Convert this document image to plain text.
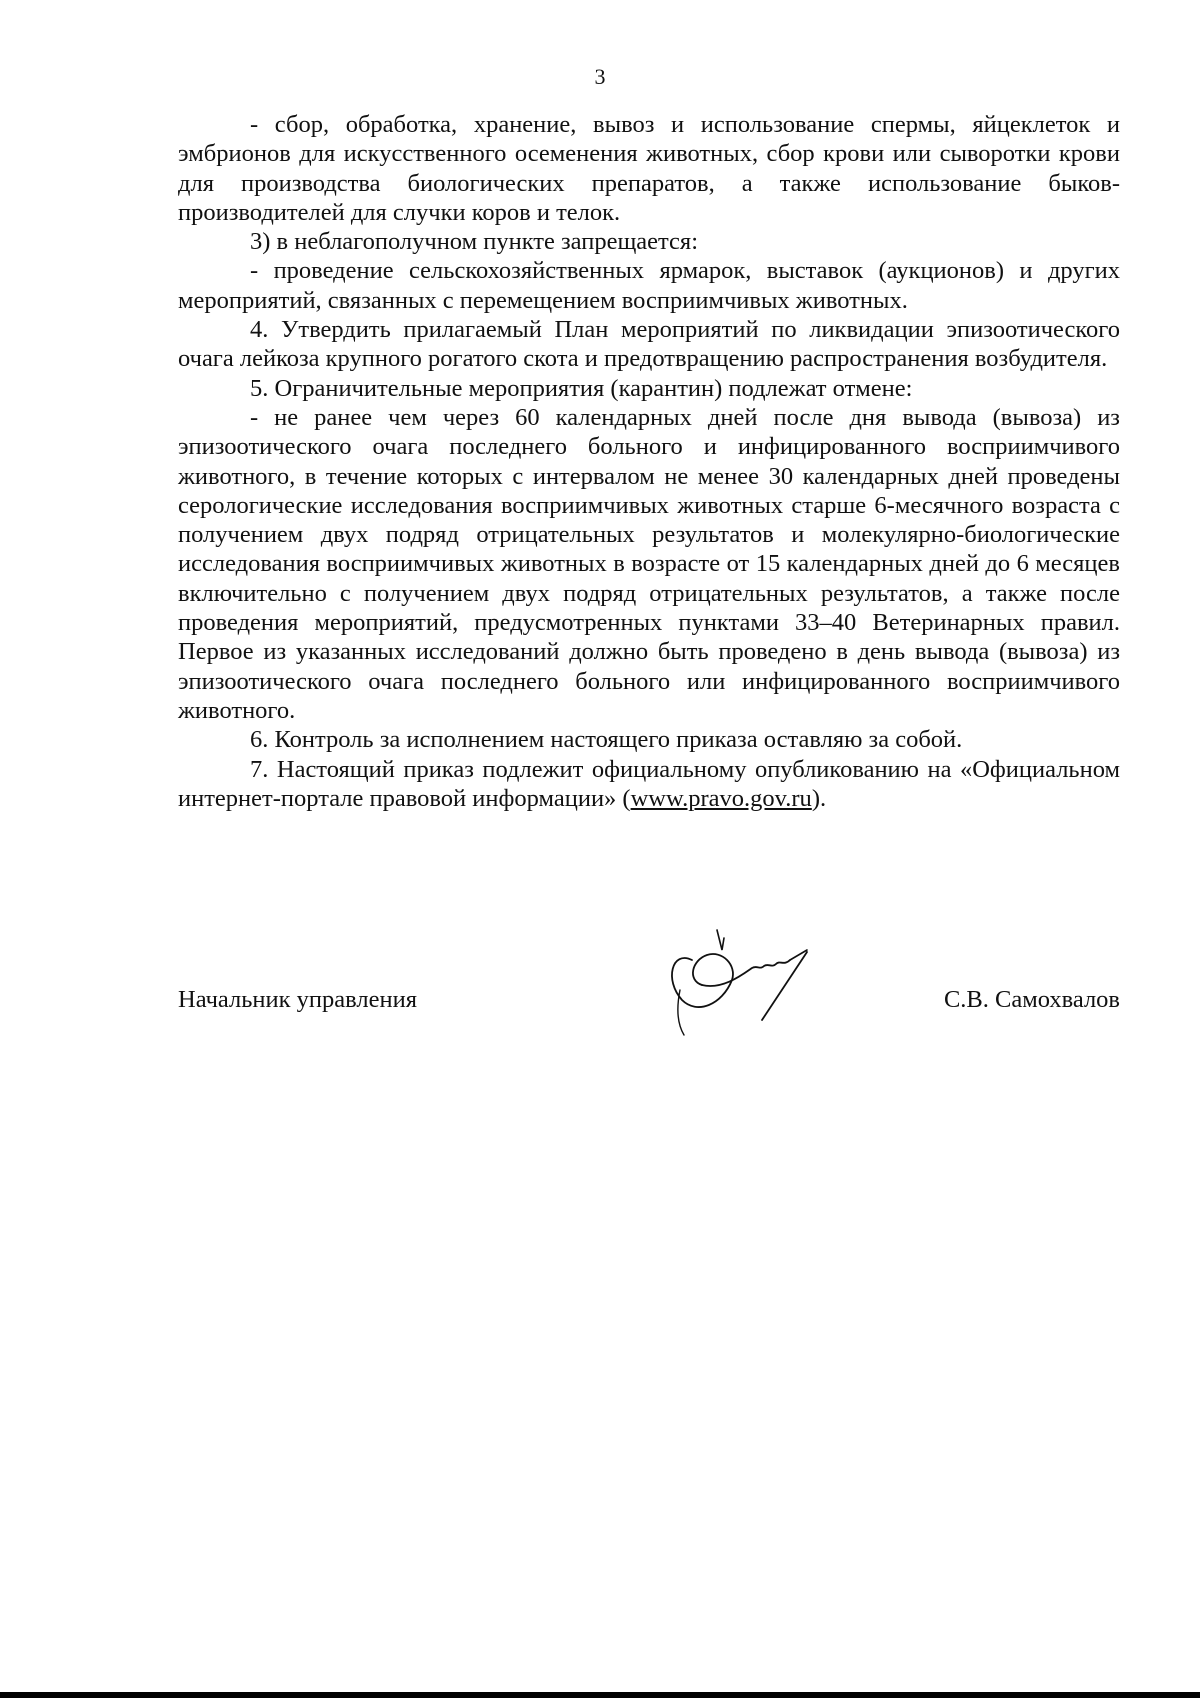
3

- сбор, обработка, хранение, вывоз и использование спермы, яйцеклеток и эмбрионов для искусственного осеменения животных, сбор крови или сыворотки крови для производства биологических препаратов, а также использование быков-производителей для случки коров и телок.

3) в неблагополучном пункте запрещается:

- проведение сельскохозяйственных ярмарок, выставок (аукционов) и других мероприятий, связанных с перемещением восприимчивых животных.

4. Утвердить прилагаемый План мероприятий по ликвидации эпизоотического очага лейкоза крупного рогатого скота и предотвращению распространения возбудителя.

5. Ограничительные мероприятия (карантин) подлежат отмене:

- не ранее чем через 60 календарных дней после дня вывода (вывоза) из эпизоотического очага последнего больного и инфицированного восприимчивого животного, в течение которых с интервалом не менее 30 календарных дней проведены серологические исследования восприимчивых животных старше 6-месячного возраста с получением двух подряд отрицательных результатов и молекулярно-биологические исследования восприимчивых животных в возрасте от 15 календарных дней до 6 месяцев включительно с получением двух подряд отрицательных результатов, а также после проведения мероприятий, предусмотренных пунктами 33–40 Ветеринарных правил. Первое из указанных исследований должно быть проведено в день вывода (вывоза) из эпизоотического очага последнего больного или инфицированного восприимчивого животного.

6. Контроль за исполнением настоящего приказа оставляю за собой.

7. Настоящий приказ подлежит официальному опубликованию на «Официальном интернет-портале правовой информации» (www.pravo.gov.ru).

Начальник управления	С.В. Самохвалов
